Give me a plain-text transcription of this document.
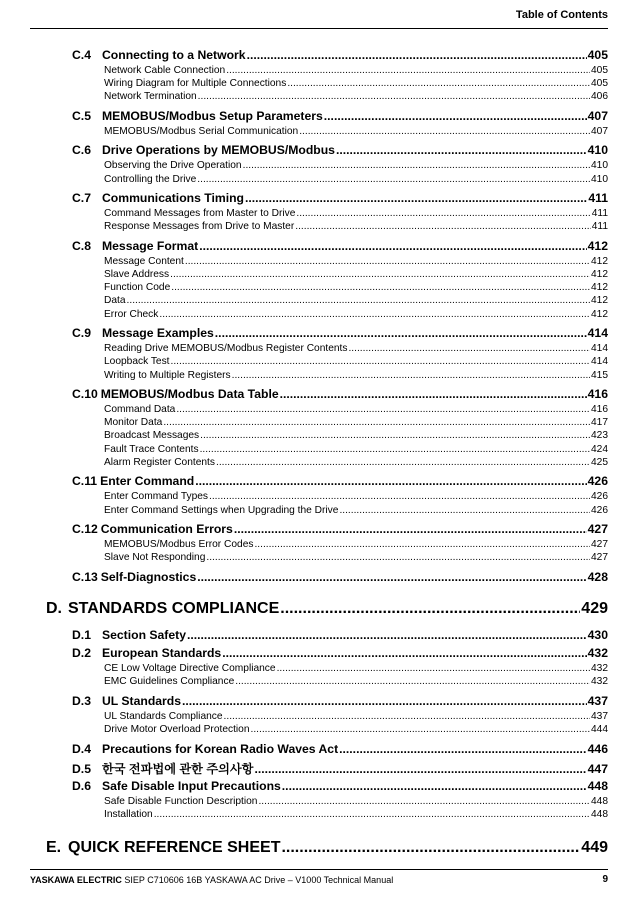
Table of Contents
C.4 Connecting to a Network .....	405
Network Cable Connection .....	405
Wiring Diagram for Multiple Connections .....	405
Network Termination .....	406
C.5 MEMOBUS/Modbus Setup Parameters .....	407
MEMOBUS/Modbus Serial Communication .....	407
C.6 Drive Operations by MEMOBUS/Modbus .....	410
Observing the Drive Operation .....	410
Controlling the Drive .....	410
C.7 Communications Timing .....	411
Command Messages from Master to Drive .....	411
Response Messages from Drive to Master .....	411
C.8 Message Format .....	412
Message Content .....	412
Slave Address .....	412
Function Code .....	412
Data .....	412
Error Check .....	412
C.9 Message Examples .....	414
Reading Drive MEMOBUS/Modbus Register Contents .....	414
Loopback Test .....	414
Writing to Multiple Registers .....	415
C.10 MEMOBUS/Modbus Data Table .....	416
Command Data .....	416
Monitor Data .....	417
Broadcast Messages .....	423
Fault Trace Contents .....	424
Alarm Register Contents .....	425
C.11 Enter Command .....	426
Enter Command Types .....	426
Enter Command Settings when Upgrading the Drive .....	426
C.12 Communication Errors .....	427
MEMOBUS/Modbus Error Codes .....	427
Slave Not Responding .....	427
C.13 Self-Diagnostics .....	428
D. STANDARDS COMPLIANCE .....	429
D.1 Section Safety .....	430
D.2 European Standards .....	432
CE Low Voltage Directive Compliance .....	432
EMC Guidelines Compliance .....	432
D.3 UL Standards .....	437
UL Standards Compliance .....	437
Drive Motor Overload Protection .....	444
D.4 Precautions for Korean Radio Waves Act .....	446
D.5 한국 전파법에 관한 주의사항 .....	447
D.6 Safe Disable Input Precautions .....	448
Safe Disable Function Description .....	448
Installation .....	448
E. QUICK REFERENCE SHEET .....	449
YASKAWA ELECTRIC SIEP C710606 16B YASKAWA AC Drive – V1000 Technical Manual	9
